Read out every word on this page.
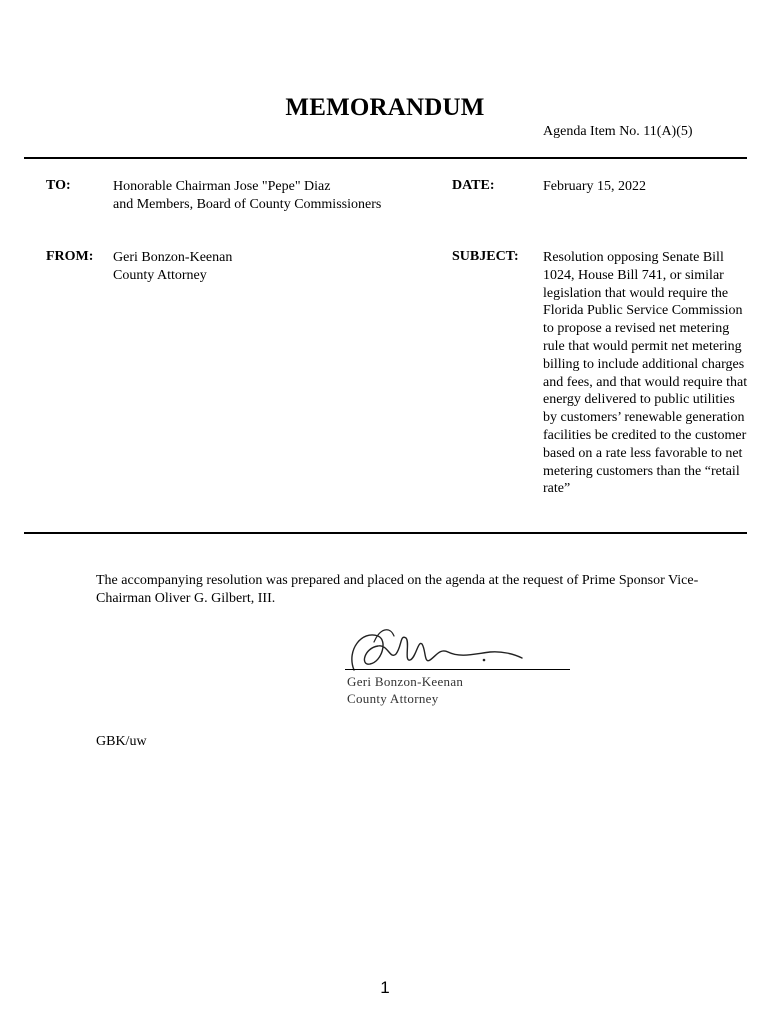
MEMORANDUM
Agenda Item No. 11(A)(5)
TO:	Honorable Chairman Jose "Pepe" Diaz
and Members, Board of County Commissioners
DATE:	February 15, 2022
FROM: Geri Bonzon-Keenan
County Attorney
SUBJECT: Resolution opposing Senate Bill 1024, House Bill 741, or similar legislation that would require the Florida Public Service Commission to propose a revised net metering rule that would permit net metering billing to include additional charges and fees, and that would require that energy delivered to public utilities by customers’ renewable generation facilities be credited to the customer based on a rate less favorable to net metering customers than the “retail rate”
The accompanying resolution was prepared and placed on the agenda at the request of Prime Sponsor Vice-Chairman Oliver G. Gilbert, III.
Geri Bonzon-Keenan
County Attorney
GBK/uw
1
